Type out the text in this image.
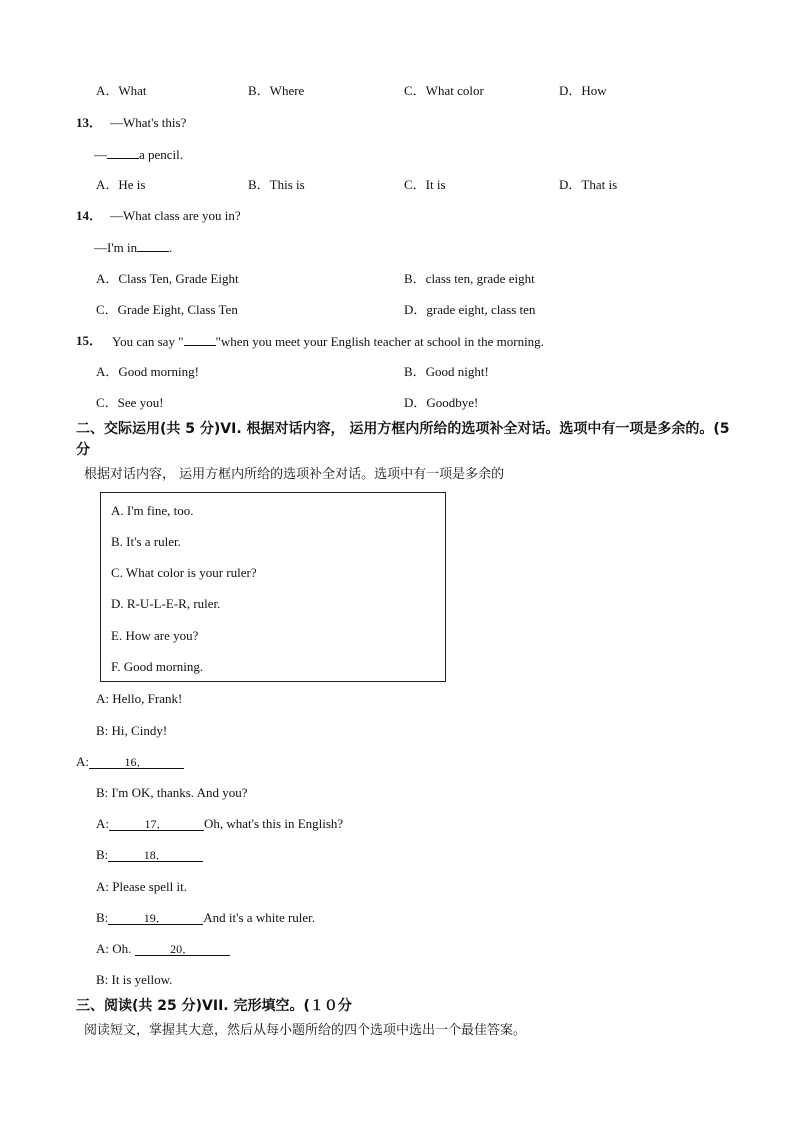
A．What	B．Where	C．What color	D．How
13． —What's this?
— a pencil.
A．He is	B．This is	C．It is	D．That is
14． —What class are you in?
—I'm in .
A．Class Ten, Grade Eight	B．class ten, grade eight
C．Grade Eight, Class Ten	D．grade eight, class ten
15． You can say " "when you meet your English teacher at school in the morning.
A．Good morning!	B．Good night!
C．See you!	D．Goodbye!
二、交际运用(共 5 分)VI. 根据对话内容， 运用方框内所给的选项补全对话。选项中有一项是多余的。(5 分
根据对话内容， 运用方框内所给的选项补全对话。选项中有一项是多余的
A. I'm fine, too.
B. It's a ruler.
C. What color is your ruler?
D. R-U-L-E-R, ruler.
E. How are you?
F. Good morning.
A: Hello, Frank!
B: Hi, Cindy!
A:	16．
B: I'm OK, thanks. And you?
A:	17．	Oh, what's this in English?
B:	18．
A: Please spell it.
B:	19．	And it's a white ruler.
A: Oh.	20．
B: It is yellow.
三、阅读(共 25 分)VII. 完形填空。(１０分
阅读短文，掌握其大意，然后从每小题所给的四个选项中选出一个最佳答案。
